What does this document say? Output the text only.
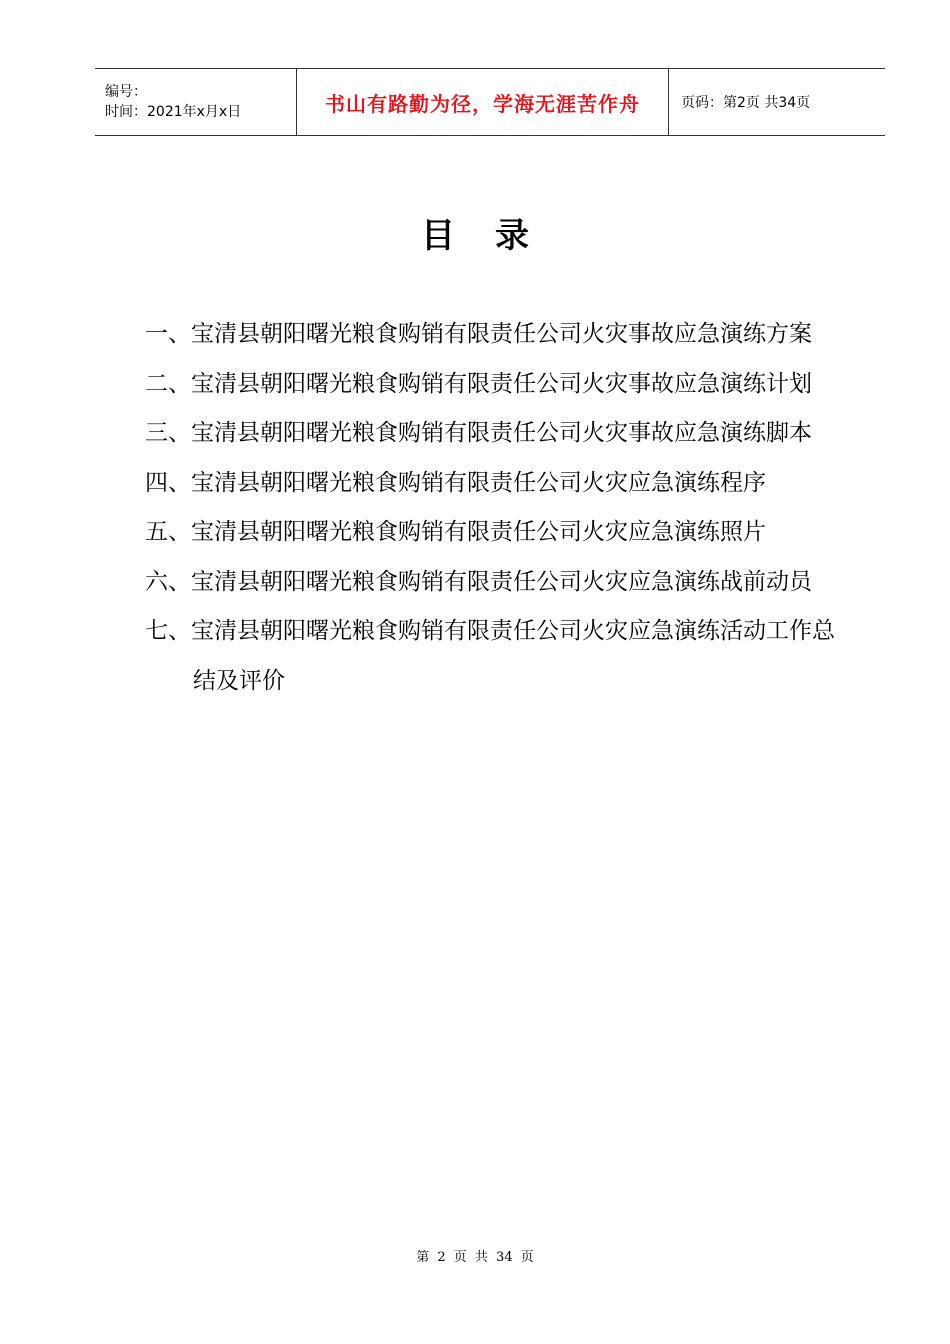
编号：
时间：2021年x月x日	书山有路勤为径，学海无涯苦作舟	页码：第2页 共34页
目录
一、宝清县朝阳曙光粮食购销有限责任公司火灾事故应急演练方案
二、宝清县朝阳曙光粮食购销有限责任公司火灾事故应急演练计划
三、宝清县朝阳曙光粮食购销有限责任公司火灾事故应急演练脚本
四、宝清县朝阳曙光粮食购销有限责任公司火灾应急演练程序
五、宝清县朝阳曙光粮食购销有限责任公司火灾应急演练照片
六、宝清县朝阳曙光粮食购销有限责任公司火灾应急演练战前动员
七、宝清县朝阳曙光粮食购销有限责任公司火灾应急演练活动工作总结及评价
第 2 页 共 34 页
